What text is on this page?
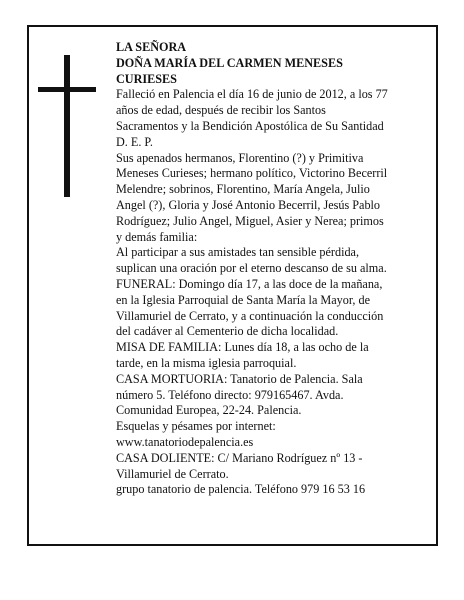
LA SEÑORA
DOÑA MARÍA DEL CARMEN MENESES
CURIESES
Falleció en Palencia el día 16 de junio de 2012, a los 77
años de edad, después de recibir los Santos
Sacramentos y la Bendición Apostólica de Su Santidad
D. E. P.
Sus apenados hermanos, Florentino (?) y Primitiva
Meneses Curieses; hermano político, Victorino Becerril
Melendre; sobrinos, Florentino, María Angela, Julio
Angel (?), Gloria y José Antonio Becerril, Jesús Pablo
Rodríguez; Julio Angel, Miguel, Asier y Nerea; primos
y demás familia:
Al participar a sus amistades tan sensible pérdida,
suplican una oración por el eterno descanso de su alma.
FUNERAL: Domingo día 17, a las doce de la mañana,
en la Iglesia Parroquial de Santa María la Mayor, de
Villamuriel de Cerrato, y a continuación la conducción
del cadáver al Cementerio de dicha localidad.
MISA DE FAMILIA: Lunes día 18, a las ocho de la
tarde, en la misma iglesia parroquial.
CASA MORTUORIA: Tanatorio de Palencia. Sala
número 5. Teléfono directo: 979165467. Avda.
Comunidad Europea, 22-24. Palencia.
Esquelas y pésames por internet:
www.tanatoriodepalencia.es
CASA DOLIENTE: C/ Mariano Rodríguez nº 13 -
Villamuriel de Cerrato.
grupo tanatorio de palencia. Teléfono 979 16 53 16
